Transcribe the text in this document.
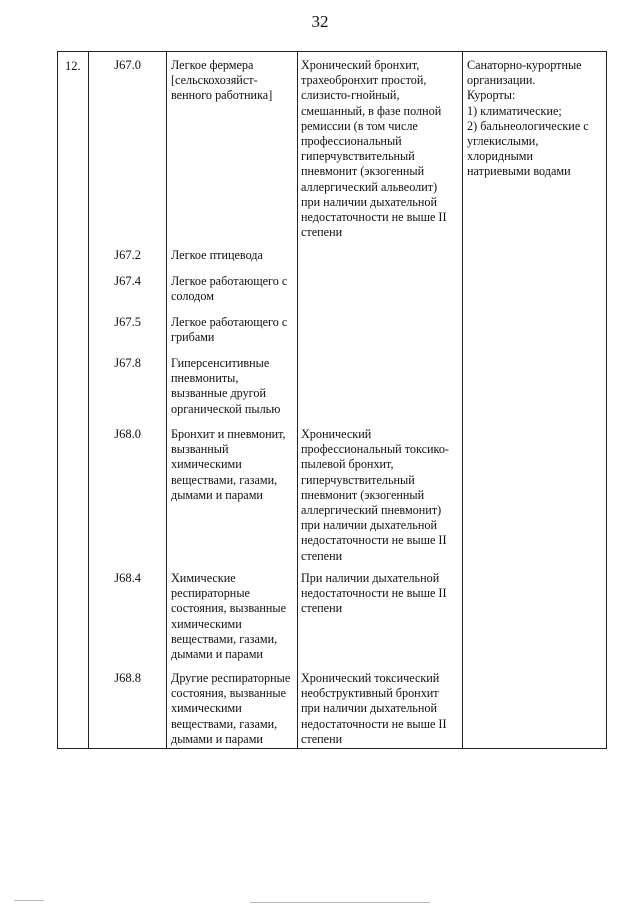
32
12.	Санаторно-курортные
организации.
Курорты:
1) климатические;
2) бальнеологические с
углекислыми,
хлоридными
натриевыми водами
J67.0 Легкое фермера
[сельскохозяйст-
венного работника]
Хронический бронхит,
трахеобронхит простой,
слизисто-гнойный,
смешанный, в фазе полной
ремиссии (в том числе
профессиональный
гиперчувствительный
пневмонит (экзогенный
аллергический альвеолит)
при наличии дыхательной
недостаточности не выше II
степени
J67.2 Легкое птицевода
J67.4 Легкое работающего с
солодом
J67.5 Легкое работающего с
грибами
J67.8 Гиперсенситивные
пневмониты,
вызванные другой
органической пылью
J68.0 Бронхит и пневмонит,
вызванный
химическими
веществами, газами,
дымами и парами
Хронический
профессиональный токсико-
пылевой бронхит,
гиперчувствительный
пневмонит (экзогенный
аллергический пневмонит)
при наличии дыхательной
недостаточности не выше II
степени
J68.4 Химические
респираторные
состояния, вызванные
химическими
веществами, газами,
дымами и парами
При наличии дыхательной
недостаточности не выше II
степени
J68.8 Другие респираторные
состояния, вызванные
химическими
веществами, газами,
дымами и парами
Хронический токсический
необструктивный бронхит
при наличии дыхательной
недостаточности не выше II
степени
